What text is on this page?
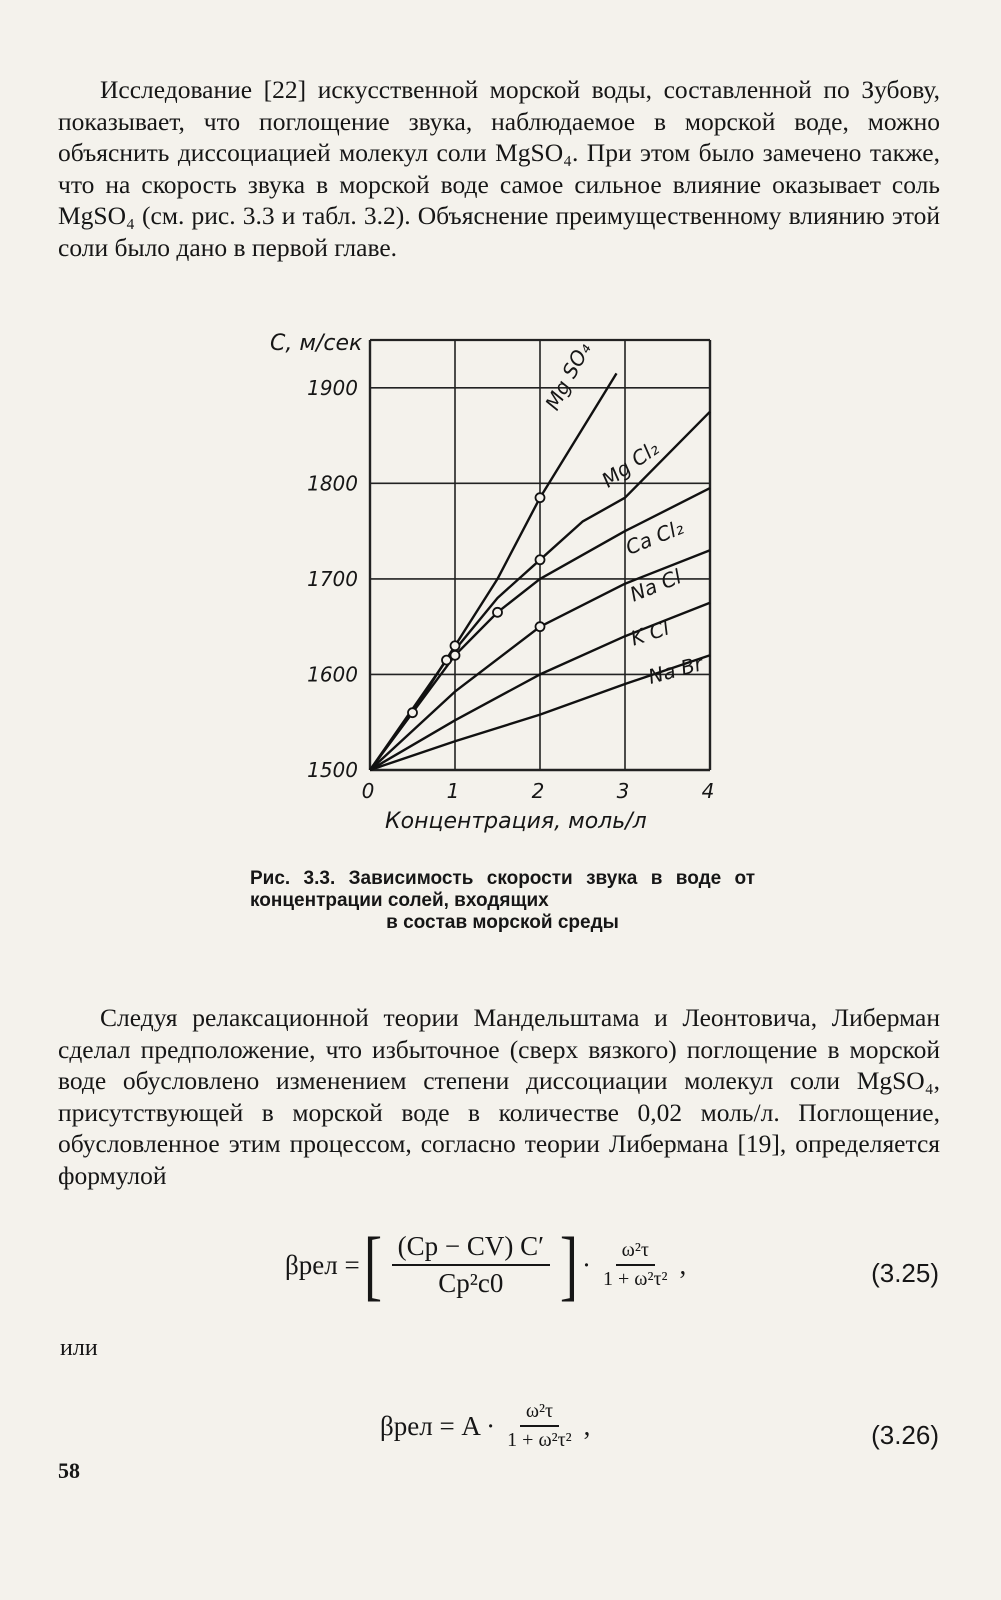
Исследование [22] искусственной морской воды, составленной по Зубову, показывает, что поглощение звука, наблюдаемое в морской воде, можно объяснить диссоциацией молекул соли MgSO₄. При этом было замечено также, что на скорость звука в морской воде самое сильное влияние оказывает соль MgSO₄ (см. рис. 3.3 и табл. 3.2). Объяснение преимущественному влиянию этой соли было дано в первой главе.

1500
1600
1700
1800
1900
0	1	2	3	4
Mg SO₄
Mg Cl₂
Ca Cl₂
Na Cl
K Cl
Na Br
C, м/сек
Концентрация, моль/л
Рис. 3.3. Зависимость скорости звука в воде от концентрации солей, входящих
в состав морской среды

Следуя релаксационной теории Мандельштама и Леонтовича, Либерман сделал предположение, что избыточное (сверх вязкого) поглощение в морской воде обусловлено изменением степени диссоциации молекул соли MgSO₄, присутствующей в морской воде в количестве 0,02 моль/л. Поглощение, обусловленное этим процессом, согласно теории Либермана [19], определяется формулой

βрел = [ $\frac{(Cp - CV) C'}{\text{Cp²c0}}$ ] · $\frac{\text{ω²τ}}{\text{1 + ω²τ²}}$ ,	(3.25)
или
$\beta рел = A \cdot \frac{\text{ω²τ}}{\text{1 + ω²τ²}}$ ,	(3.26)
58
